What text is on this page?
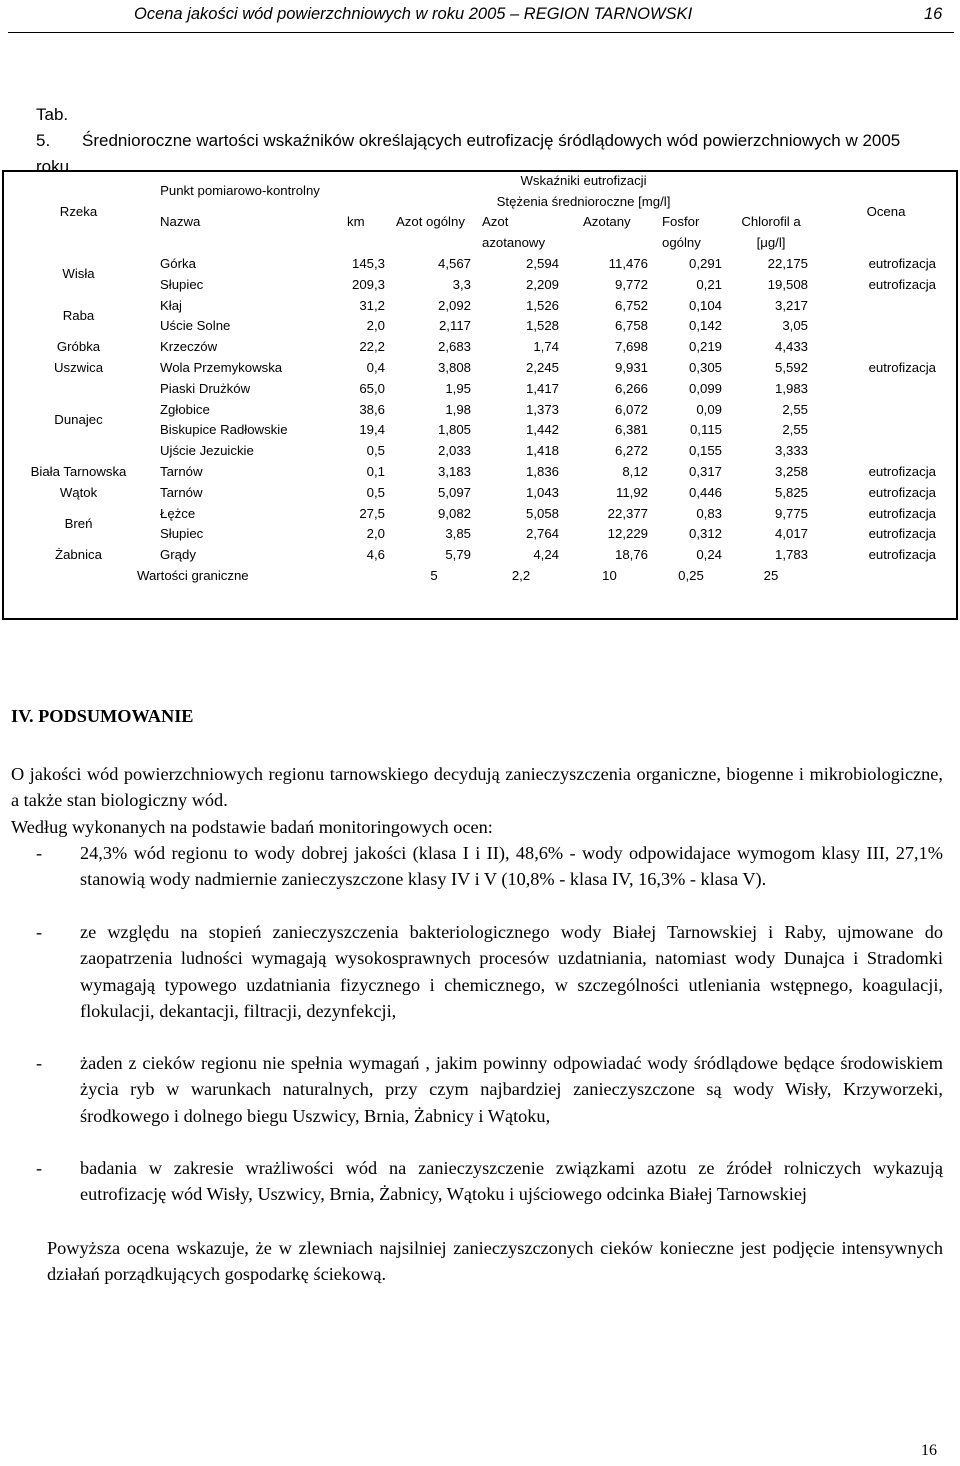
Ocena jakości wód powierzchniowych w roku 2005 – REGION TARNOWSKI	16
Tab. 5. Średnioroczne wartości wskaźników określających eutrofizację śródlądowych wód powierzchniowych w 2005 roku
Rzeka	Punkt pomiarowo-kontrolny		Wskaźniki eutrofizacji					Ocena
			Stężenia średnioroczne [mg/l]					
	Nazwa	km	Azot ogólny	Azot	Azotany	Fosfor	Chlorofil a	
				azotanowy		ogólny	[μg/l]	
Wisła	Górka	145,3	4,567	2,594	11,476	0,291	22,175	eutrofizacja
	Słupiec	209,3	3,3	2,209	9,772	0,21	19,508	eutrofizacja
Raba	Kłaj	31,2	2,092	1,526	6,752	0,104	3,217	
	Uście Solne	2,0	2,117	1,528	6,758	0,142	3,05	
Gróbka	Krzeczów	22,2	2,683	1,74	7,698	0,219	4,433	
Uszwica	Wola Przemykowska	0,4	3,808	2,245	9,931	0,305	5,592	eutrofizacja
Dunajec	Piaski Drużków	65,0	1,95	1,417	6,266	0,099	1,983	
	Zgłobice	38,6	1,98	1,373	6,072	0,09	2,55	
	Biskupice Radłowskie	19,4	1,805	1,442	6,381	0,115	2,55	
	Ujście Jezuickie	0,5	2,033	1,418	6,272	0,155	3,333	
Biała Tarnowska	Tarnów	0,1	3,183	1,836	8,12	0,317	3,258	eutrofizacja
Wątok	Tarnów	0,5	5,097	1,043	11,92	0,446	5,825	eutrofizacja
Breń	Łężce	27,5	9,082	5,058	22,377	0,83	9,775	eutrofizacja
	Słupiec	2,0	3,85	2,764	12,229	0,312	4,017	eutrofizacja
Żabnica	Grądy	4,6	5,79	4,24	18,76	0,24	1,783	eutrofizacja
Wartości graniczne			5	2,2	10	0,25	25	
IV. PODSUMOWANIE
O jakości wód powierzchniowych regionu tarnowskiego decydują zanieczyszczenia organiczne, biogenne i mikrobiologiczne, a także stan biologiczny wód.
Według wykonanych na podstawie badań monitoringowych ocen:
- 24,3% wód regionu to wody dobrej jakości (klasa I i II), 48,6% - wody odpowidajace wymogom klasy III, 27,1% stanowią wody nadmiernie zanieczyszczone klasy IV i V (10,8% - klasa IV, 16,3% - klasa V).
- ze względu na stopień zanieczyszczenia bakteriologicznego wody Białej Tarnowskiej i Raby, ujmowane do zaopatrzenia ludności wymagają wysokosprawnych procesów uzdatniania, natomiast wody Dunajca i Stradomki wymagają typowego uzdatniania fizycznego i chemicznego, w szczególności utleniania wstępnego, koagulacji, flokulacji, dekantacji, filtracji, dezynfekcji,
- żaden z cieków regionu nie spełnia wymagań , jakim powinny odpowiadać wody śródlądowe będące środowiskiem życia ryb w warunkach naturalnych, przy czym najbardziej zanieczyszczone są wody Wisły, Krzyworzeki, środkowego i dolnego biegu Uszwicy, Brnia, Żabnicy i Wątoku,
- badania w zakresie wrażliwości wód na zanieczyszczenie związkami azotu ze źródeł rolniczych wykazują eutrofizację wód Wisły, Uszwicy, Brnia, Żabnicy, Wątoku i ujściowego odcinka Białej Tarnowskiej
Powyższa ocena wskazuje, że w zlewniach najsilniej zanieczyszczonych cieków konieczne jest podjęcie intensywnych działań porządkujących gospodarkę ściekową.
16
